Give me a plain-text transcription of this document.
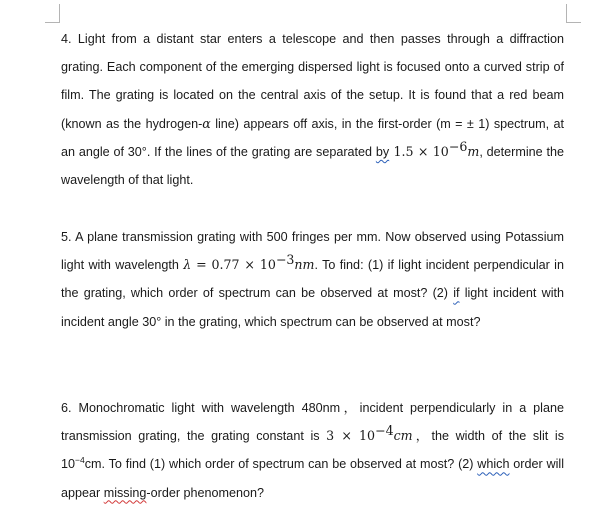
4. Light from a distant star enters a telescope and then passes through a diffraction grating. Each component of the emerging dispersed light is focused onto a curved strip of film. The grating is located on the central axis of the setup. It is found that a red beam (known as the hydrogen-α line) appears off axis, in the first-order (m = ± 1) spectrum, at an angle of 30°. If the lines of the grating are separated by $1.5 \times 10^{-6}m$, determine the wavelength of that light.

5. A plane transmission grating with 500 fringes per mm. Now observed using Potassium light with wavelength $\lambda = 0.77 \times 10^{-3}nm$. To find: (1) if light incident perpendicular in the grating, which order of spectrum can be observed at most? (2) if light incident with incident angle 30° in the grating, which spectrum can be observed at most?

6. Monochromatic light with wavelength 480nm，incident perpendicularly in a plane transmission grating, the grating constant is $3 \times 10^{-4}cm$，the width of the slit is $10^{-4}cm$. To find (1) which order of spectrum can be observed at most? (2) which order will appear missing-order phenomenon?
